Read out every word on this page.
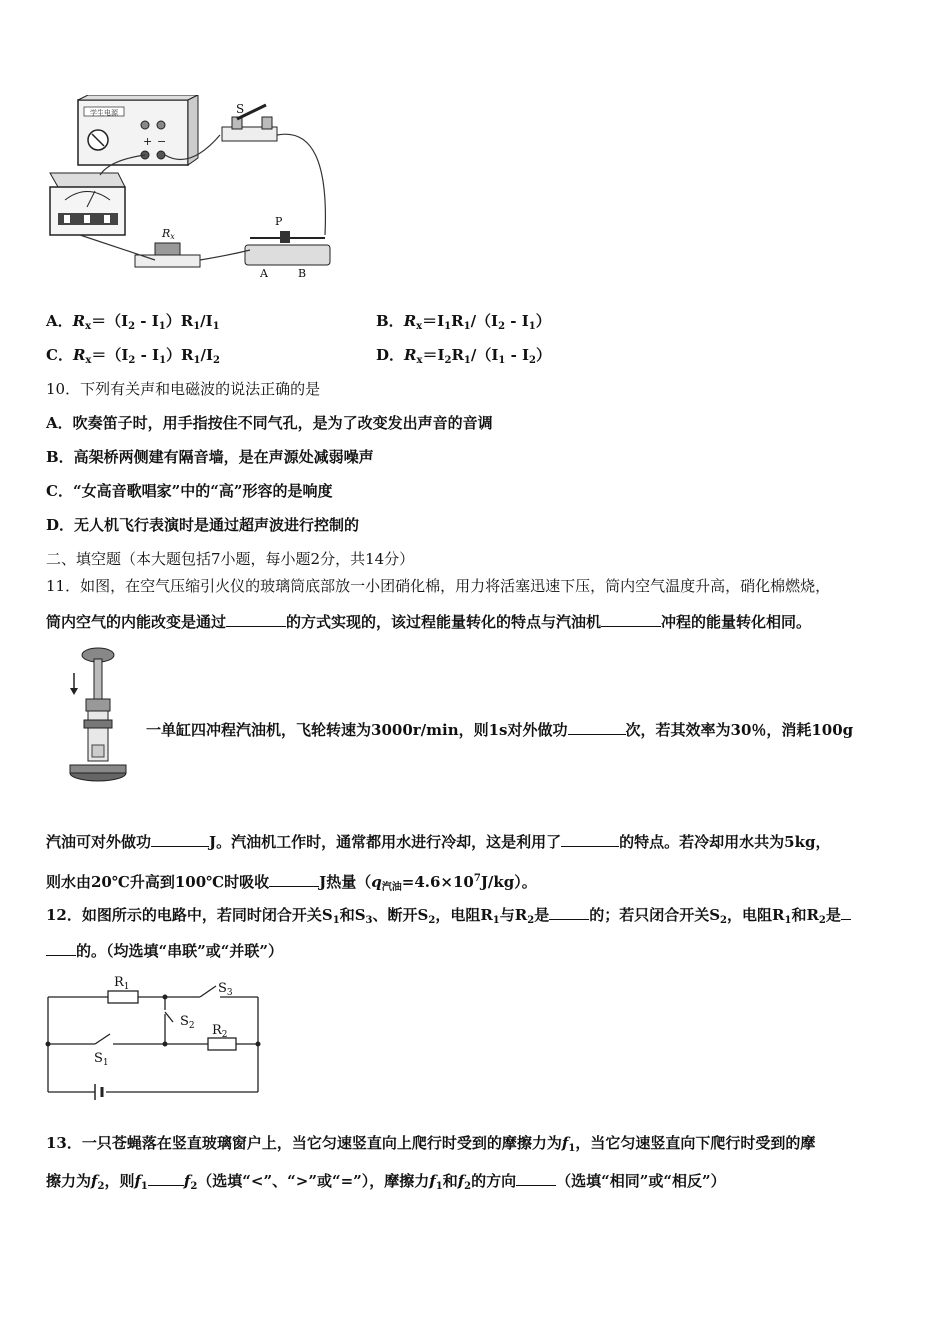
学生电源
+ −
S
Rx
P
A	B
A．$R_x=(I_2 - I_1)R_1/I_1$	B．$R_x=I_1R_1/(I_2 - I_1)$
C．$R_x=(I_2 - I_1)R_1/I_2$	D．$R_x=I_2R_1/(I_1 - I_2)$
10．下列有关声和电磁波的说法正确的是
A．吹奏笛子时，用手指按住不同气孔，是为了改变发出声音的音调
B．高架桥两侧建有隔音墙，是在声源处减弱噪声
C．“女高音歌唱家”中的“高”形容的是响度
D．无人机飞行表演时是通过超声波进行控制的
二、填空题（本大题包括7小题，每小题2分，共14分）
11．如图，在空气压缩引火仪的玻璃筒底部放一小团硝化棉，用力将活塞迅速下压，筒内空气温度升高，硝化棉燃烧，
筒内空气的内能改变是通过	的方式实现的，该过程能量转化的特点与汽油机	冲程的能量转化相同。
一单缸四冲程汽油机，飞轮转速为3000r/min，则1s对外做功	次，若其效率为30％，消耗100g
汽油可对外做功	J。汽油机工作时，通常都用水进行冷却，这是利用了	的特点。若冷却用水共为5kg，
则水由20℃升高到100℃时吸收	J热量$(q_{汽油}=4.6\times 10^7J/kg)$。
12．如图所示的电路中，若同时闭合开关$S_1$和$S_3$、断开$S_2$，电阻$R_1$与$R_2$是	的；若只闭合开关$S_2$，电阻$R_1$和$R_2$是
的。（均选填“串联”或“并联”）
$R_1$	$S_3$
$S_2$ $R_2$
$S_1$
13．一只苍蝇落在竖直玻璃窗户上，当它匀速竖直向上爬行时受到的摩擦力为$f_1$，当它匀速竖直向下爬行时受到的摩
擦力为$f_2$，则$f_1$ $f_2$（选填“<”、“>”或“=”），摩擦力$f_1$和$f_2$的方向	（选填“相同”或“相反”）
